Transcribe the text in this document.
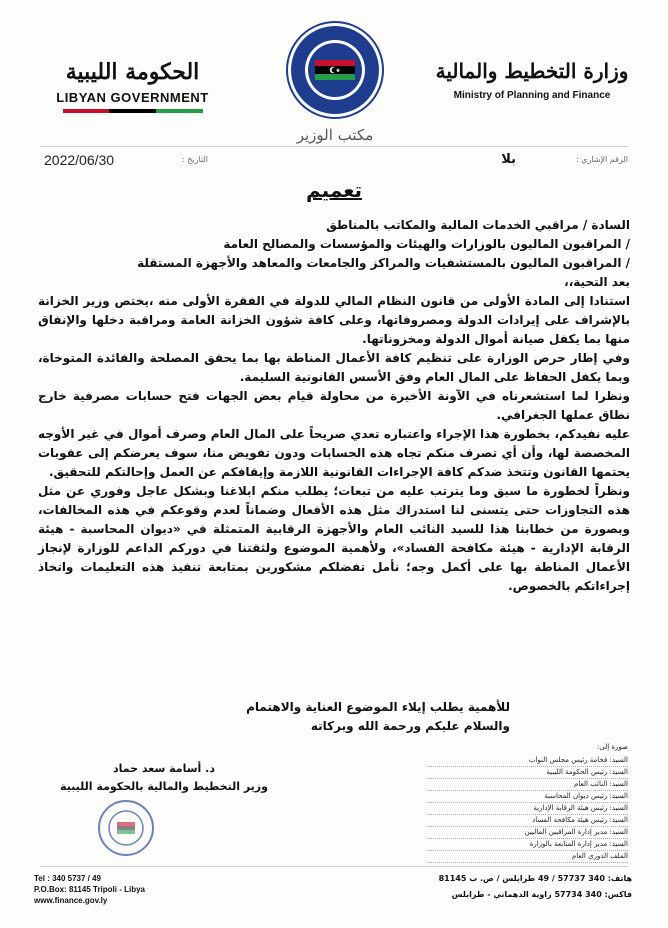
الحكومة الليبية
LIBYAN GOVERNMENT
مكتب الوزير
وزارة التخطيط والمالية
Ministry of Planning and Finance
2022/06/30	التاريخ :	بلا	الرقم الإشاري :
تعميم

السادة / مراقبي الخدمات المالية والمكاتب بالمناطق

/ المراقبون الماليون بالوزارات والهيئات والمؤسسات والمصالح العامة

/ المراقبون الماليون بالمستشفيات والمراكز والجامعات والمعاهد والأجهزة المستقلة

بعد التحية،،

استنادا إلى المادة الأولى من قانون النظام المالي للدولة في الفقرة الأولى منه ،يختص وزير الخزانة بالإشراف على إيرادات الدولة ومصروفاتها، وعلى كافة شؤون الخزانة العامة ومراقبة دخلها والإنفاق منها بما يكفل صيانة أموال الدولة ومخزوناتها.

وفي إطار حرص الوزارة على تنظيم كافة الأعمال المناطة بها بما يحقق المصلحة والفائدة المتوخاة، وبما يكفل الحفاظ على المال العام وفق الأسس القانونية السليمة.

ونظرا لما استشعرناه في الآونة الأخيرة من محاولة قيام بعض الجهات فتح حسابات مصرفية خارج نطاق عملها الجغرافي.

عليه نفيدكم، بخطورة هذا الإجراء واعتباره تعدي صريحاً على المال العام وصرف أموال في غير الأوجه المخصصة لها، وأن أي تصرف منكم تجاه هذه الحسابات ودون تفويض منا، سوف يعرضكم إلى عقوبات يحتمها القانون وتتخذ ضدكم كافة الإجراءات القانونية اللازمة وإيقافكم عن العمل وإحالتكم للتحقيق.

ونظراً لخطورة ما سبق وما يترتب عليه من تبعات؛ يطلب منكم ابلاغنا وبشكل عاجل وفوري عن مثل هذه التجاوزات حتى يتسنى لنا استدراك مثل هذه الأفعال وضماناً لعدم وقوعكم في هذه المخالفات، وبصورة من خطابنا هذا للسيد النائب العام والأجهزة الرقابية المتمثلة في «ديوان المحاسبة - هيئة الرقابة الإدارية - هيئة مكافحة الفساد»، ولأهمية الموضوع ولثقتنا في دوركم الداعم للوزارة لإنجاز الأعمال المناطة بها على أكمل وجه؛ نأمل تفضلكم مشكورين بمتابعة تنفيذ هذه التعليمات واتخاذ إجراءاتكم بالخصوص.

للأهمية يطلب إيلاء الموضوع العناية والاهتمام

والسلام عليكم ورحمة الله وبركاته

صورة إلى:
السيد: فخامة رئيس مجلس النواب
السيد: رئيس الحكومة الليبية
السيد: النائب العام
السيد: رئيس ديوان المحاسبة
السيد: رئيس هيئة الرقابة الإدارية
السيد: رئيس هيئة مكافحة الفساد
السيد: مدير إدارة المراقبين الماليين
السيد: مدير إدارة المتابعة بالوزارة
الملف الدوري العام
د. أسامة سعد حماد
وزير التخطيط والمالية بالحكومة الليبية
Tel : 340 5737 / 49
P.O.Box: 81145 Tripoli - Libya
www.finance.gov.ly
هاتف: 340 57737 / 49 طرابلس / ص. ب 81145
فاكس: 340 57734 زاوية الدهماني - طرابلس
